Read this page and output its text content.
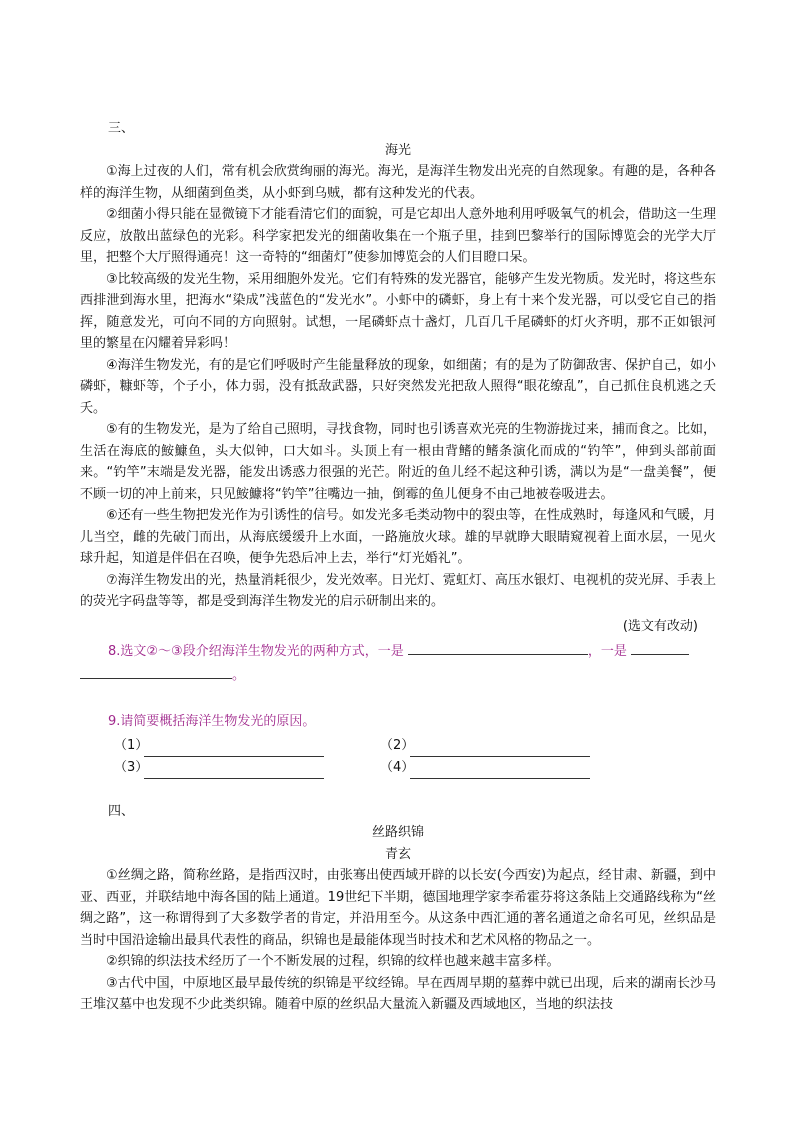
三、
海光

①海上过夜的人们，常有机会欣赏绚丽的海光。海光，是海洋生物发出光亮的自然现象。有趣的是，各种各样的海洋生物，从细菌到鱼类，从小虾到乌贼，都有这种发光的代表。

②细菌小得只能在显微镜下才能看清它们的面貌，可是它却出人意外地利用呼吸氧气的机会，借助这一生理反应，放散出蓝绿色的光彩。科学家把发光的细菌收集在一个瓶子里，挂到巴黎举行的国际博览会的光学大厅里，把整个大厅照得通亮！这一奇特的“细菌灯”使参加博览会的人们目瞪口呆。

③比较高级的发光生物，采用细胞外发光。它们有特殊的发光器官，能够产生发光物质。发光时，将这些东西排泄到海水里，把海水“染成”浅蓝色的“发光水”。小虾中的磷虾，身上有十来个发光器，可以受它自己的指挥，随意发光，可向不同的方向照射。试想，一尾磷虾点十盏灯，几百几千尾磷虾的灯火齐明，那不正如银河里的繁星在闪耀着异彩吗！

④海洋生物发光，有的是它们呼吸时产生能量释放的现象，如细菌；有的是为了防御敌害、保护自己，如小磷虾，糠虾等，个子小，体力弱，没有抵敌武器，只好突然发光把敌人照得“眼花缭乱”，自己抓住良机逃之夭夭。

⑤有的生物发光，是为了给自己照明，寻找食物，同时也引诱喜欢光亮的生物游拢过来，捕而食之。比如，生活在海底的鮟鱇鱼，头大似钟，口大如斗。头顶上有一根由背鳍的鳍条演化而成的“钓竿”，伸到头部前面来。“钓竿”末端是发光器，能发出诱惑力很强的光芒。附近的鱼儿经不起这种引诱，满以为是“一盘美餐”，便不顾一切的冲上前来，只见鮟鱇将“钓竿”往嘴边一抽，倒霉的鱼儿便身不由己地被卷吸进去。

⑥还有一些生物把发光作为引诱性的信号。如发光多毛类动物中的裂虫等，在性成熟时，每逢风和气暖，月儿当空，雌的先破门而出，从海底缓缓升上水面，一路施放火球。雄的早就睁大眼睛窥视着上面水层，一见火球升起，知道是伴侣在召唤，便争先恐后冲上去，举行“灯光婚礼”。

⑦海洋生物发出的光，热量消耗很少，发光效率。日光灯、霓虹灯、高压水银灯、电视机的荧光屏、手表上的荧光字码盘等等，都是受到海洋生物发光的启示研制出来的。

(选文有改动)
8.选文②～③段介绍海洋生物发光的两种方式，一是	，一是
。
9.请简要概括海洋生物发光的原因。
（1）	（2）
（3）	（4）
四、
丝路织锦
青玄

①丝绸之路，简称丝路，是指西汉时，由张骞出使西域开辟的以长安(今西安)为起点，经甘肃、新疆，到中亚、西亚，并联结地中海各国的陆上通道。19世纪下半期，德国地理学家李希霍芬将这条陆上交通路线称为“丝绸之路”，这一称谓得到了大多数学者的肯定，并沿用至今。从这条中西汇通的著名通道之命名可见，丝织品是当时中国沿途输出最具代表性的商品，织锦也是最能体现当时技术和艺术风格的物品之一。

②织锦的织法技术经历了一个不断发展的过程，织锦的纹样也越来越丰富多样。

③古代中国，中原地区最早最传统的织锦是平纹经锦。早在西周早期的墓葬中就已出现，后来的湖南长沙马王堆汉墓中也发现不少此类织锦。随着中原的丝织品大量流入新疆及西域地区，当地的织法技
